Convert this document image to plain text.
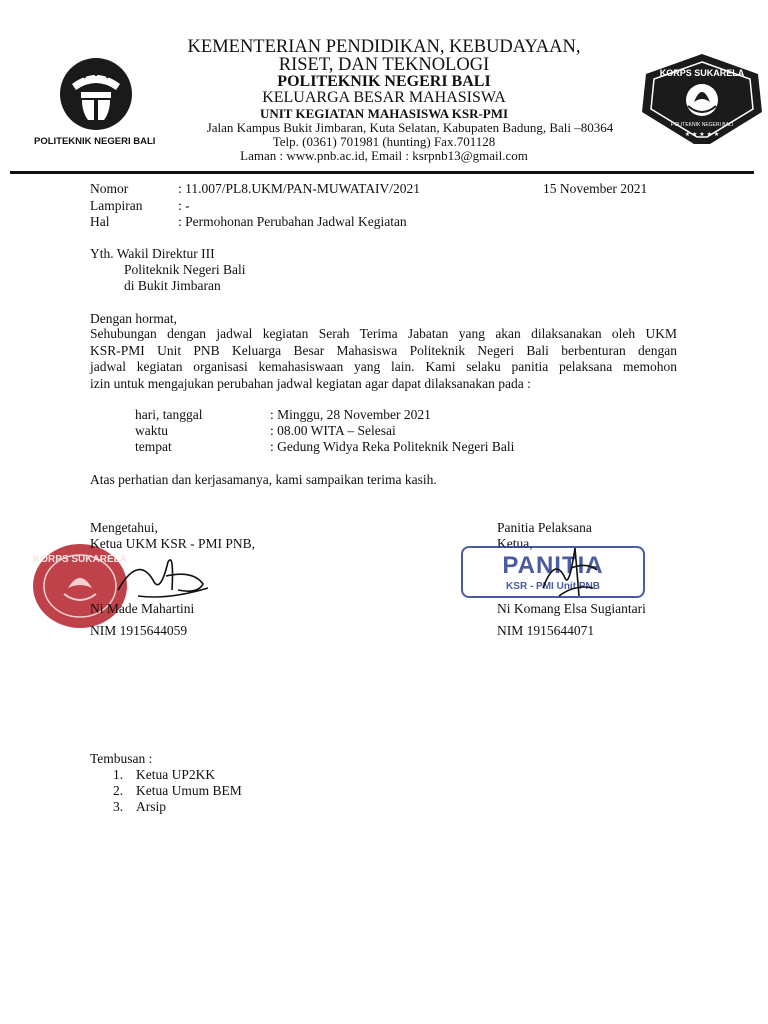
POLITEKNIK NEGERI BALI
KORPS SUKARELA
POLITEKNIK NEGERI BALI
★ ★ ★ ★ ★
KEMENTERIAN PENDIDIKAN, KEBUDAYAAN,
RISET, DAN TEKNOLOGI
POLITEKNIK NEGERI BALI
KELUARGA BESAR MAHASISWA
UNIT KEGIATAN MAHASISWA KSR-PMI
Jalan Kampus Bukit Jimbaran, Kuta Selatan, Kabupaten Badung, Bali –80364
Telp. (0361) 701981 (hunting) Fax.701128
Laman : www.pnb.ac.id, Email : ksrpnb13@gmail.com
Nomor	: 11.007/PL8.UKM/PAN-MUWATAIV/2021	15 November 2021
Lampiran	: -
Hal	: Permohonan Perubahan Jadwal Kegiatan
Yth. Wakil Direktur III
Politeknik Negeri Bali
di Bukit Jimbaran
Dengan hormat,
Sehubungan dengan jadwal kegiatan Serah Terima Jabatan yang akan dilaksanakan oleh UKM
KSR-PMI Unit PNB Keluarga Besar Mahasiswa Politeknik Negeri Bali berbenturan dengan
jadwal kegiatan organisasi kemahasiswaan yang lain. Kami selaku panitia pelaksana memohon
izin untuk mengajukan perubahan jadwal kegiatan agar dapat dilaksanakan pada :
hari, tanggal	: Minggu, 28 November 2021
waktu	: 08.00 WITA – Selesai
tempat	: Gedung Widya Reka Politeknik Negeri Bali
Atas perhatian dan kerjasamanya, kami sampaikan terima kasih.
KORPS SUKARELA
Mengetahui,
Ketua UKM KSR - PMI PNB,
Ni Made Mahartini
NIM 1915644059
Panitia Pelaksana
Ketua,
PANITIA
KSR - PMI Unit PNB
Ni Komang Elsa Sugiantari
NIM 1915644071
Tembusan :
1. Ketua UP2KK
2. Ketua Umum BEM
3. Arsip
